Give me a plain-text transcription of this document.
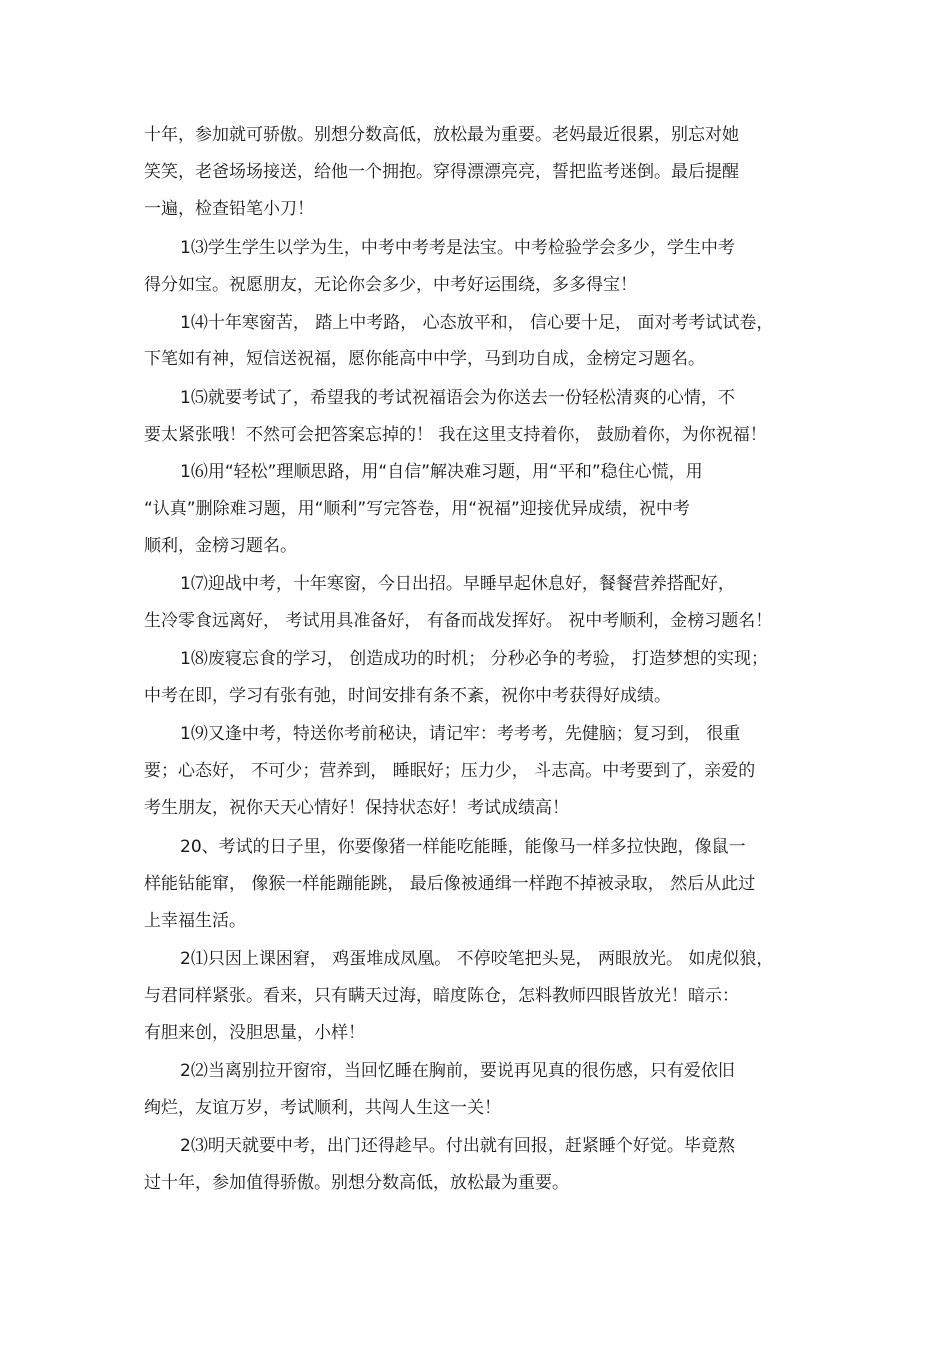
十年，参加就可骄傲。别想分数高低，放松最为重要。老妈最近很累，别忘对她

笑笑，老爸场场接送，给他一个拥抱。穿得漂漂亮亮，誓把监考迷倒。最后提醒

一遍，检查铅笔小刀！

1⑶学生学生以学为生，中考中考考是法宝。中考检验学会多少，学生中考

得分如宝。祝愿朋友，无论你会多少，中考好运围绕，多多得宝！

1⑷十年寒窗苦， 踏上中考路， 心态放平和， 信心要十足， 面对考考试试卷，

下笔如有神，短信送祝福，愿你能高中中学，马到功自成，金榜定习题名。

1⑸就要考试了，希望我的考试祝福语会为你送去一份轻松清爽的心情，不

要太紧张哦！不然可会把答案忘掉的！ 我在这里支持着你， 鼓励着你，为你祝福！

1⑹用“轻松”理顺思路，用“自信”解决难习题，用“平和”稳住心慌，用

“认真”删除难习题，用“顺利”写完答卷，用“祝福”迎接优异成绩，祝中考

顺利，金榜习题名。

1⑺迎战中考，十年寒窗，今日出招。早睡早起休息好，餐餐营养搭配好，

生冷零食远离好， 考试用具准备好， 有备而战发挥好。 祝中考顺利，金榜习题名！

1⑻废寝忘食的学习， 创造成功的时机； 分秒必争的考验， 打造梦想的实现；

中考在即，学习有张有弛，时间安排有条不紊，祝你中考获得好成绩。

1⑼又逢中考，特送你考前秘诀，请记牢：考考考，先健脑；复习到， 很重

要；心态好， 不可少；营养到， 睡眠好；压力少， 斗志高。中考要到了，亲爱的

考生朋友，祝你天天心情好！保持状态好！考试成绩高！

20、考试的日子里，你要像猪一样能吃能睡，能像马一样多拉快跑，像鼠一

样能钻能窜， 像猴一样能蹦能跳， 最后像被通缉一样跑不掉被录取， 然后从此过

上幸福生活。

2⑴只因上课困窘， 鸡蛋堆成凤凰。 不停咬笔把头晃， 两眼放光。 如虎似狼，

与君同样紧张。看来，只有瞒天过海，暗度陈仓，怎料教师四眼皆放光！暗示：

有胆来创，没胆思量，小样！

2⑵当离别拉开窗帘，当回忆睡在胸前，要说再见真的很伤感，只有爱依旧

绚烂，友谊万岁，考试顺利，共闯人生这一关！

2⑶明天就要中考，出门还得趁早。付出就有回报，赶紧睡个好觉。毕竟熬

过十年，参加值得骄傲。别想分数高低，放松最为重要。
